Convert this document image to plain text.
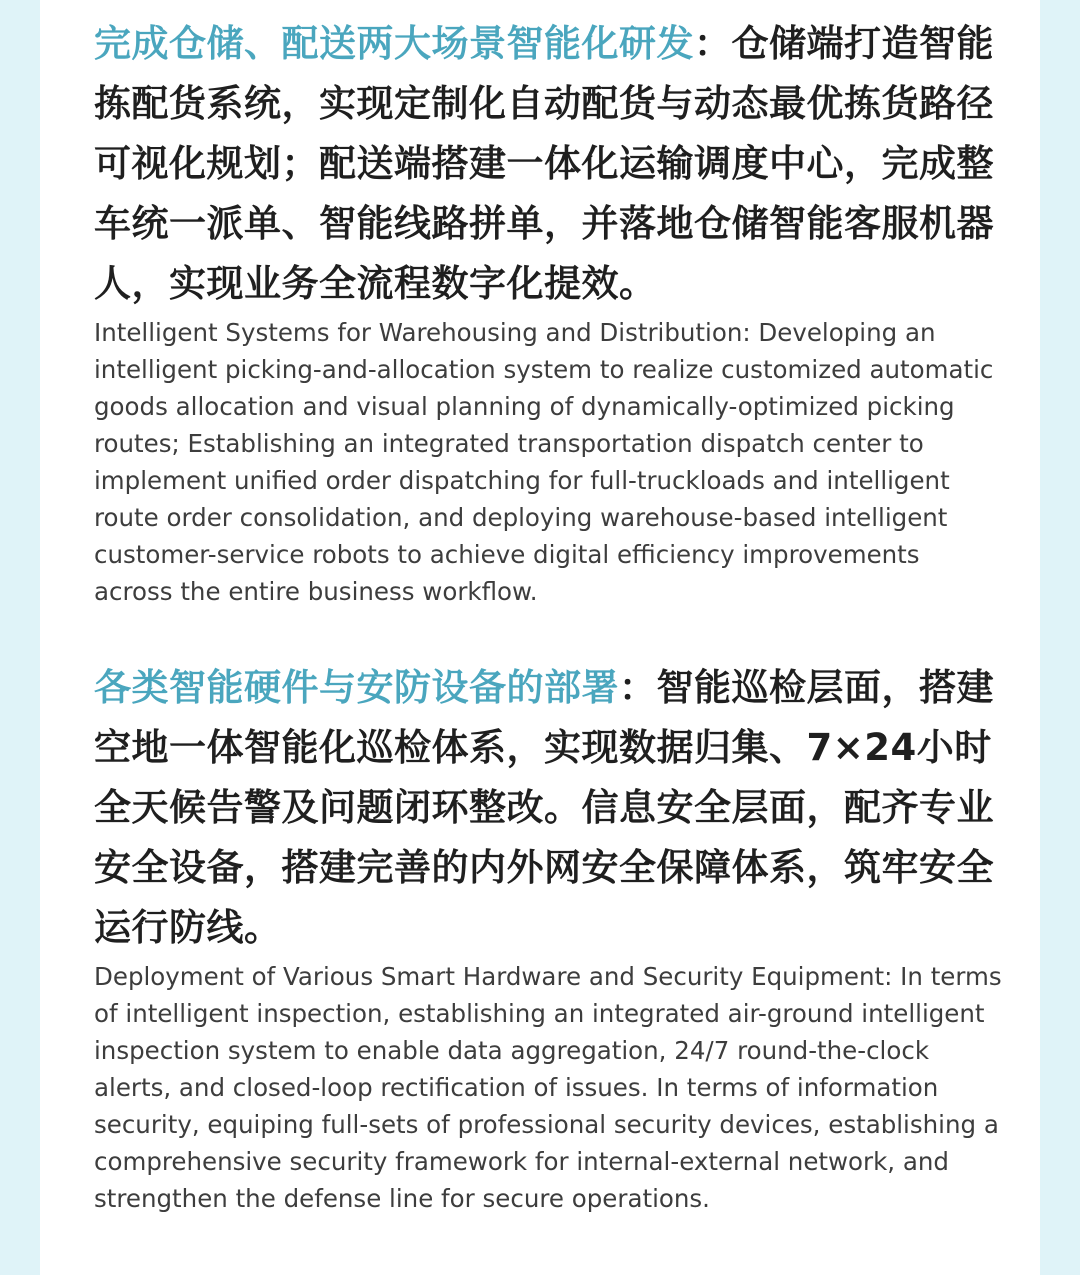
完成仓储、配送两大场景智能化研发：仓储端打造智能拣配货系统，实现定制化自动配货与动态最优拣货路径可视化规划；配送端搭建一体化运输调度中心，完成整车统一派单、智能线路拼单，并落地仓储智能客服机器人，实现业务全流程数字化提效。

Intelligent Systems for Warehousing and Distribution: Developing an intelligent picking-and-allocation system to realize customized automatic goods allocation and visual planning of dynamically-optimized picking routes; Establishing an integrated transportation dispatch center to implement unified order dispatching for full-truckloads and intelligent route order consolidation, and deploying warehouse-based intelligent customer-service robots to achieve digital efficiency improvements across the entire business workflow.

各类智能硬件与安防设备的部署：智能巡检层面，搭建空地一体智能化巡检体系，实现数据归集、7×24小时全天候告警及问题闭环整改。信息安全层面，配齐专业安全设备，搭建完善的内外网安全保障体系，筑牢安全运行防线。

Deployment of Various Smart Hardware and Security Equipment: In terms of intelligent inspection, establishing an integrated air-ground intelligent inspection system to enable data aggregation, 24/7 round-the-clock alerts, and closed-loop rectification of issues. In terms of information security, equiping full-sets of professional security devices, establishing a comprehensive security framework for internal-external network, and strengthen the defense line for secure operations.
